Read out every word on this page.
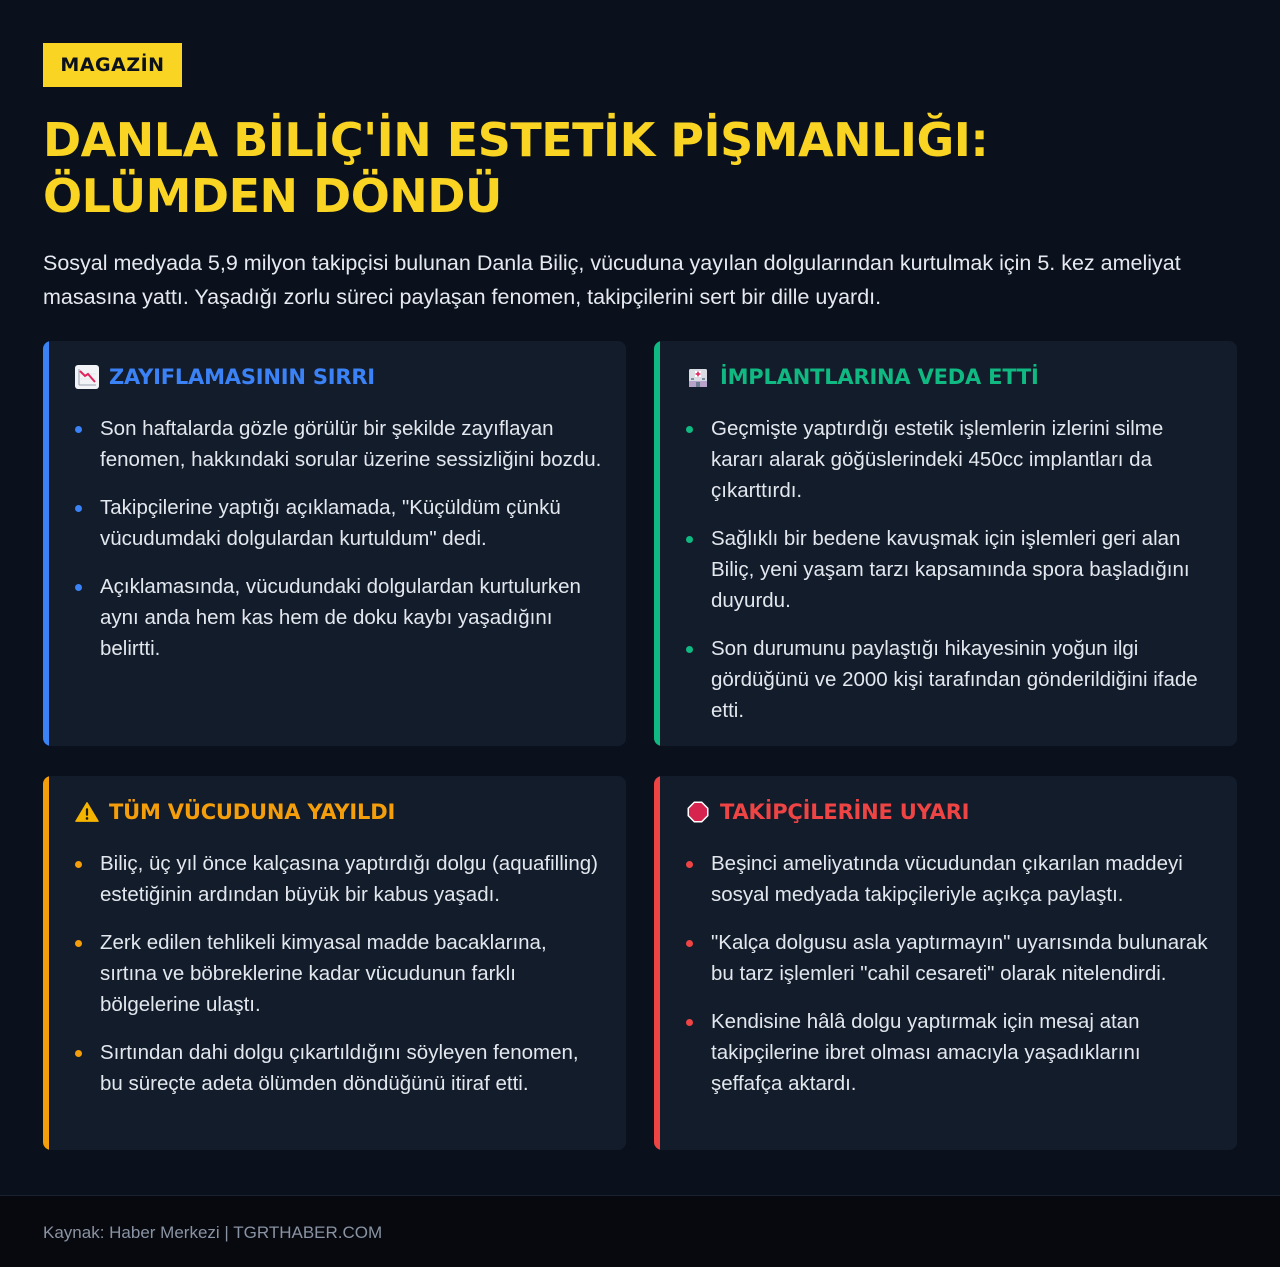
MAGAZİN
DANLA BİLİÇ'İN ESTETİK PİŞMANLIĞI: ÖLÜMDEN DÖNDÜ

Sosyal medyada 5,9 milyon takipçisi bulunan Danla Biliç, vücuduna yayılan dolgularından kurtulmak için 5. kez ameliyat masasına yattı. Yaşadığı zorlu süreci paylaşan fenomen, takipçilerini sert bir dille uyardı.

ZAYIFLAMASININ SIRRI
Son haftalarda gözle görülür bir şekilde zayıflayan fenomen, hakkındaki sorular üzerine sessizliğini bozdu.
Takipçilerine yaptığı açıklamada, "Küçüldüm çünkü vücudumdaki dolgulardan kurtuldum" dedi.
Açıklamasında, vücudundaki dolgulardan kurtulurken aynı anda hem kas hem de doku kaybı yaşadığını belirtti.
İMPLANTLARINA VEDA ETTİ
Geçmişte yaptırdığı estetik işlemlerin izlerini silme kararı alarak göğüslerindeki 450cc implantları da çıkarttırdı.
Sağlıklı bir bedene kavuşmak için işlemleri geri alan Biliç, yeni yaşam tarzı kapsamında spora başladığını duyurdu.
Son durumunu paylaştığı hikayesinin yoğun ilgi gördüğünü ve 2000 kişi tarafından gönderildiğini ifade etti.
TÜM VÜCUDUNA YAYILDI
Biliç, üç yıl önce kalçasına yaptırdığı dolgu (aquafilling) estetiğinin ardından büyük bir kabus yaşadı.
Zerk edilen tehlikeli kimyasal madde bacaklarına, sırtına ve böbreklerine kadar vücudunun farklı bölgelerine ulaştı.
Sırtından dahi dolgu çıkartıldığını söyleyen fenomen, bu süreçte adeta ölümden döndüğünü itiraf etti.
TAKİPÇİLERİNE UYARI
Beşinci ameliyatında vücudundan çıkarılan maddeyi sosyal medyada takipçileriyle açıkça paylaştı.
"Kalça dolgusu asla yaptırmayın" uyarısında bulunarak bu tarz işlemleri "cahil cesareti" olarak nitelendirdi.
Kendisine hâlâ dolgu yaptırmak için mesaj atan takipçilerine ibret olması amacıyla yaşadıklarını şeffafça aktardı.
Kaynak: Haber Merkezi | TGRTHABER.COM
